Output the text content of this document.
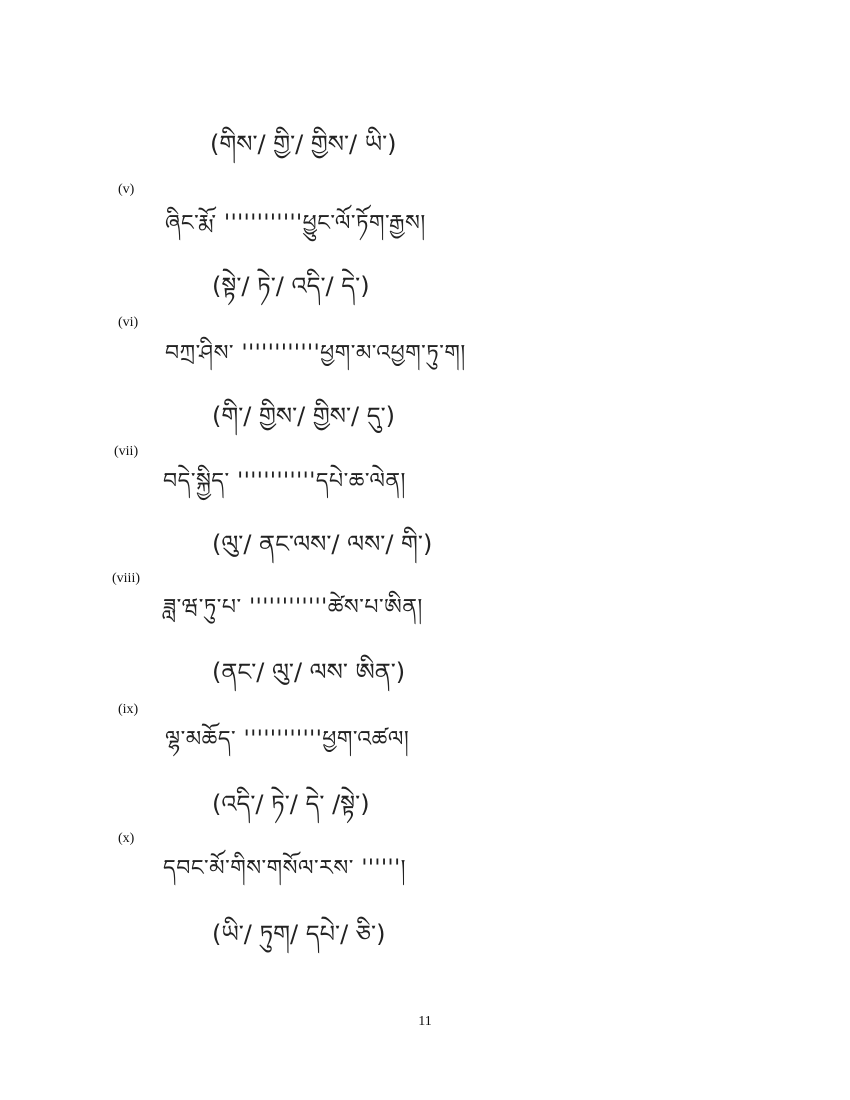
(གིས་/ གྱི་/ གྱིས་/ ཡི་)
(v)
ཞིང་རྨོ་ ''''''''''''ཕྱུང་ལོ་ཏོག་རྒྱས།
(སྟེ་/ ཏེ་/ འདི་/ དེ་)
(vi)
བཀྲ་ཤིས་ ''''''''''''ཕྱག་མ་འཕྱག་ཏུ་ག།
(གི་/ གྱིས་/ གྱིས་/ དུ་)
(vii)
བདེ་སྐྱིད་ ''''''''''''དཔེ་ཆ་ལེན།
(ལུ་/ ནང་ལས་/ ལས་/ གི་)
(viii)
ཟླ་ཝ་ཏུ་པ་ ''''''''''''ཚེས་པ་ཨིན།
(ནང་/ ལུ་/ ལས་ ཨིན་)
(ix)
ལྷ་མཆོད་ ''''''''''''ཕྱག་འཚལ།
(འདི་/ ཏེ་/ དེ་ /སྟེ་)
(x)
དབང་མོ་གིས་གསོལ་རས་ ''''''།
(ཡི་/ ཏུག/ དཔེ་/ ཅི་)
11
